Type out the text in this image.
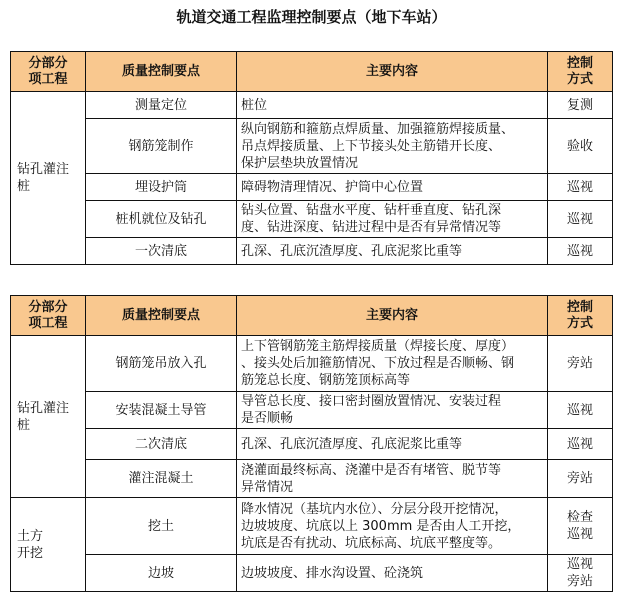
轨道交通工程监理控制要点（地下车站）
分部分
项工程	质量控制要点	主要内容	控制
方式
钻孔灌注
桩	测量定位	桩位	复测
	钢筋笼制作	纵向钢筋和箍筋点焊质量、加强箍筋焊接质量、
吊点焊接质量、上下节接头处主筋错开长度、
保护层垫块放置情况	验收
	埋设护筒	障碍物清理情况、护筒中心位置	巡视
	桩机就位及钻孔	钻头位置、钻盘水平度、钻杆垂直度、钻孔深
度、钻进深度、钻进过程中是否有异常情况等	巡视
	一次清底	孔深、孔底沉渣厚度、孔底泥浆比重等	巡视
分部分
项工程	质量控制要点	主要内容	控制
方式
钻孔灌注
桩	钢筋笼吊放入孔	上下管钢筋笼主筋焊接质量（焊接长度、厚度）
、接头处后加箍筋情况、下放过程是否顺畅、钢
筋笼总长度、钢筋笼顶标高等	旁站
	安装混凝土导管	导管总长度、接口密封圈放置情况、安装过程
是否顺畅	巡视
	二次清底	孔深、孔底沉渣厚度、孔底泥浆比重等	巡视
	灌注混凝土	浇灌面最终标高、浇灌中是否有堵管、脱节等
异常情况	旁站
土方
开挖	挖土	降水情况（基坑内水位）、分层分段开挖情况，
边坡坡度、坑底以上 300mm 是否由人工开挖，
坑底是否有扰动、坑底标高、坑底平整度等。	检查
巡视
	边坡	边坡坡度、排水沟设置、砼浇筑	巡视
旁站
